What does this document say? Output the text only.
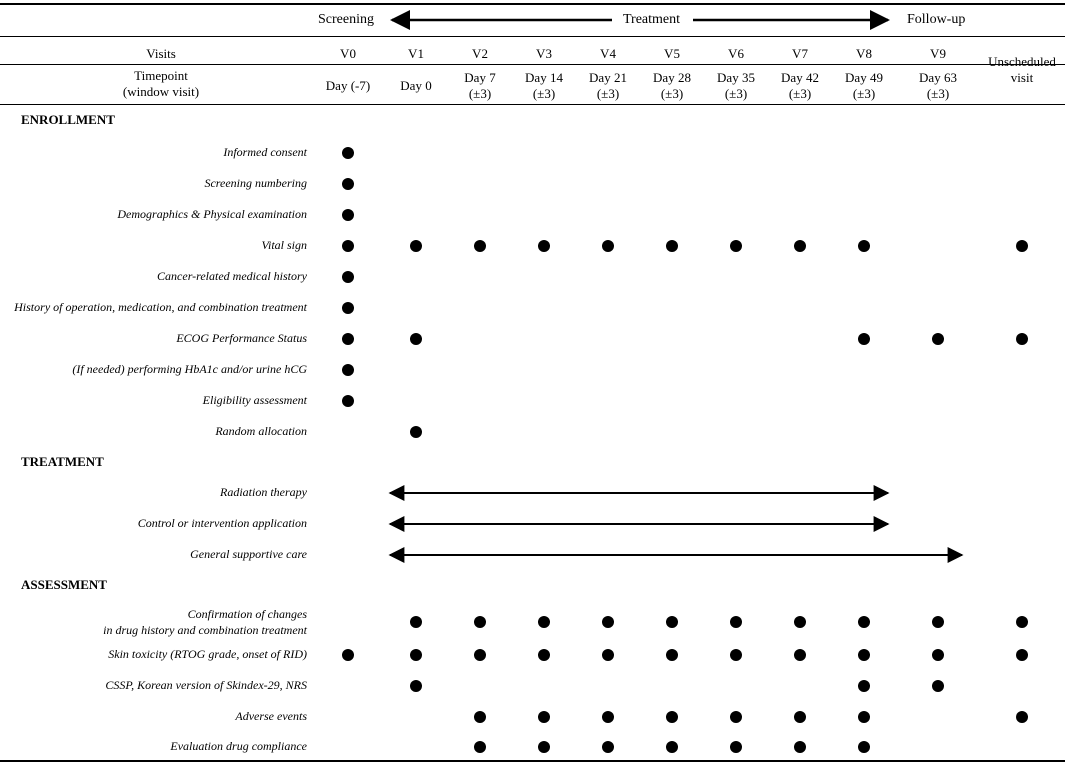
Screening	Treatment	Follow-up
Visits
Timepoint
(window visit)
Unscheduled
visit
V0
Day (-7)
V1
Day 0
V2
Day 7
(±3)
V3
Day 14
(±3)
V4
Day 21
(±3)
V5
Day 28
(±3)
V6
Day 35
(±3)
V7
Day 42
(±3)
V8
Day 49
(±3)
V9
Day 63
(±3)
ENROLLMENT
TREATMENT
ASSESSMENT
Informed consent
Screening numbering
Demographics & Physical examination
Vital sign
Cancer-related medical history
History of operation, medication, and combination treatment
ECOG Performance Status
(If needed) performing HbA1c and/or urine hCG
Eligibility assessment
Random allocation
Radiation therapy
Control or intervention application
General supportive care
Confirmation of changes
in drug history and combination treatment
Skin toxicity (RTOG grade, onset of RID)
CSSP, Korean version of Skindex-29, NRS
Adverse events
Evaluation drug compliance
